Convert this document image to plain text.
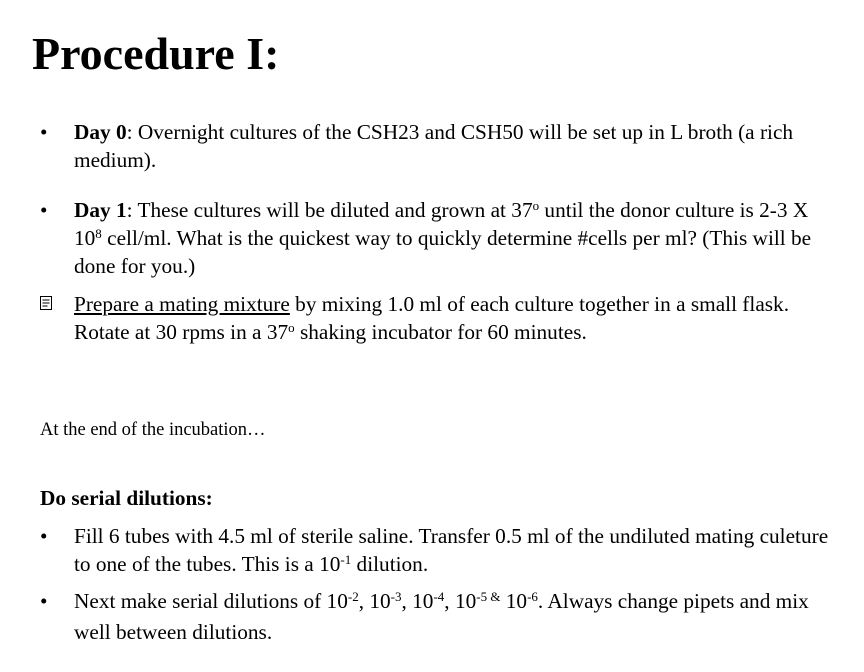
Procedure I:
•	Day 0: Overnight cultures of the CSH23 and CSH50 will be set up in L broth (a rich medium).
•	Day 1: These cultures will be diluted and grown at 37$^o$ until the donor culture is 2-3 X $10^8$ cell/ml. What is the quickest way to quickly determine #cells per ml? (This will be done for you.)
Prepare a mating mixture by mixing 1.0 ml of each culture together in a small flask. Rotate at 30 rpms in a 37$^o$ shaking incubator for 60 minutes.
At the end of the incubation…
Do serial dilutions:
•	Fill 6 tubes with 4.5 ml of sterile saline. Transfer 0.5 ml of the undiluted mating culeture to one of the tubes. This is a $10^{-1}$ dilution.
•	Next make serial dilutions of $10^{-2}$, $10^{-3}$, $10^{-4}$, $10^{-5 \&}$ $10^{-6}$. Always change pipets and mix well between dilutions.
